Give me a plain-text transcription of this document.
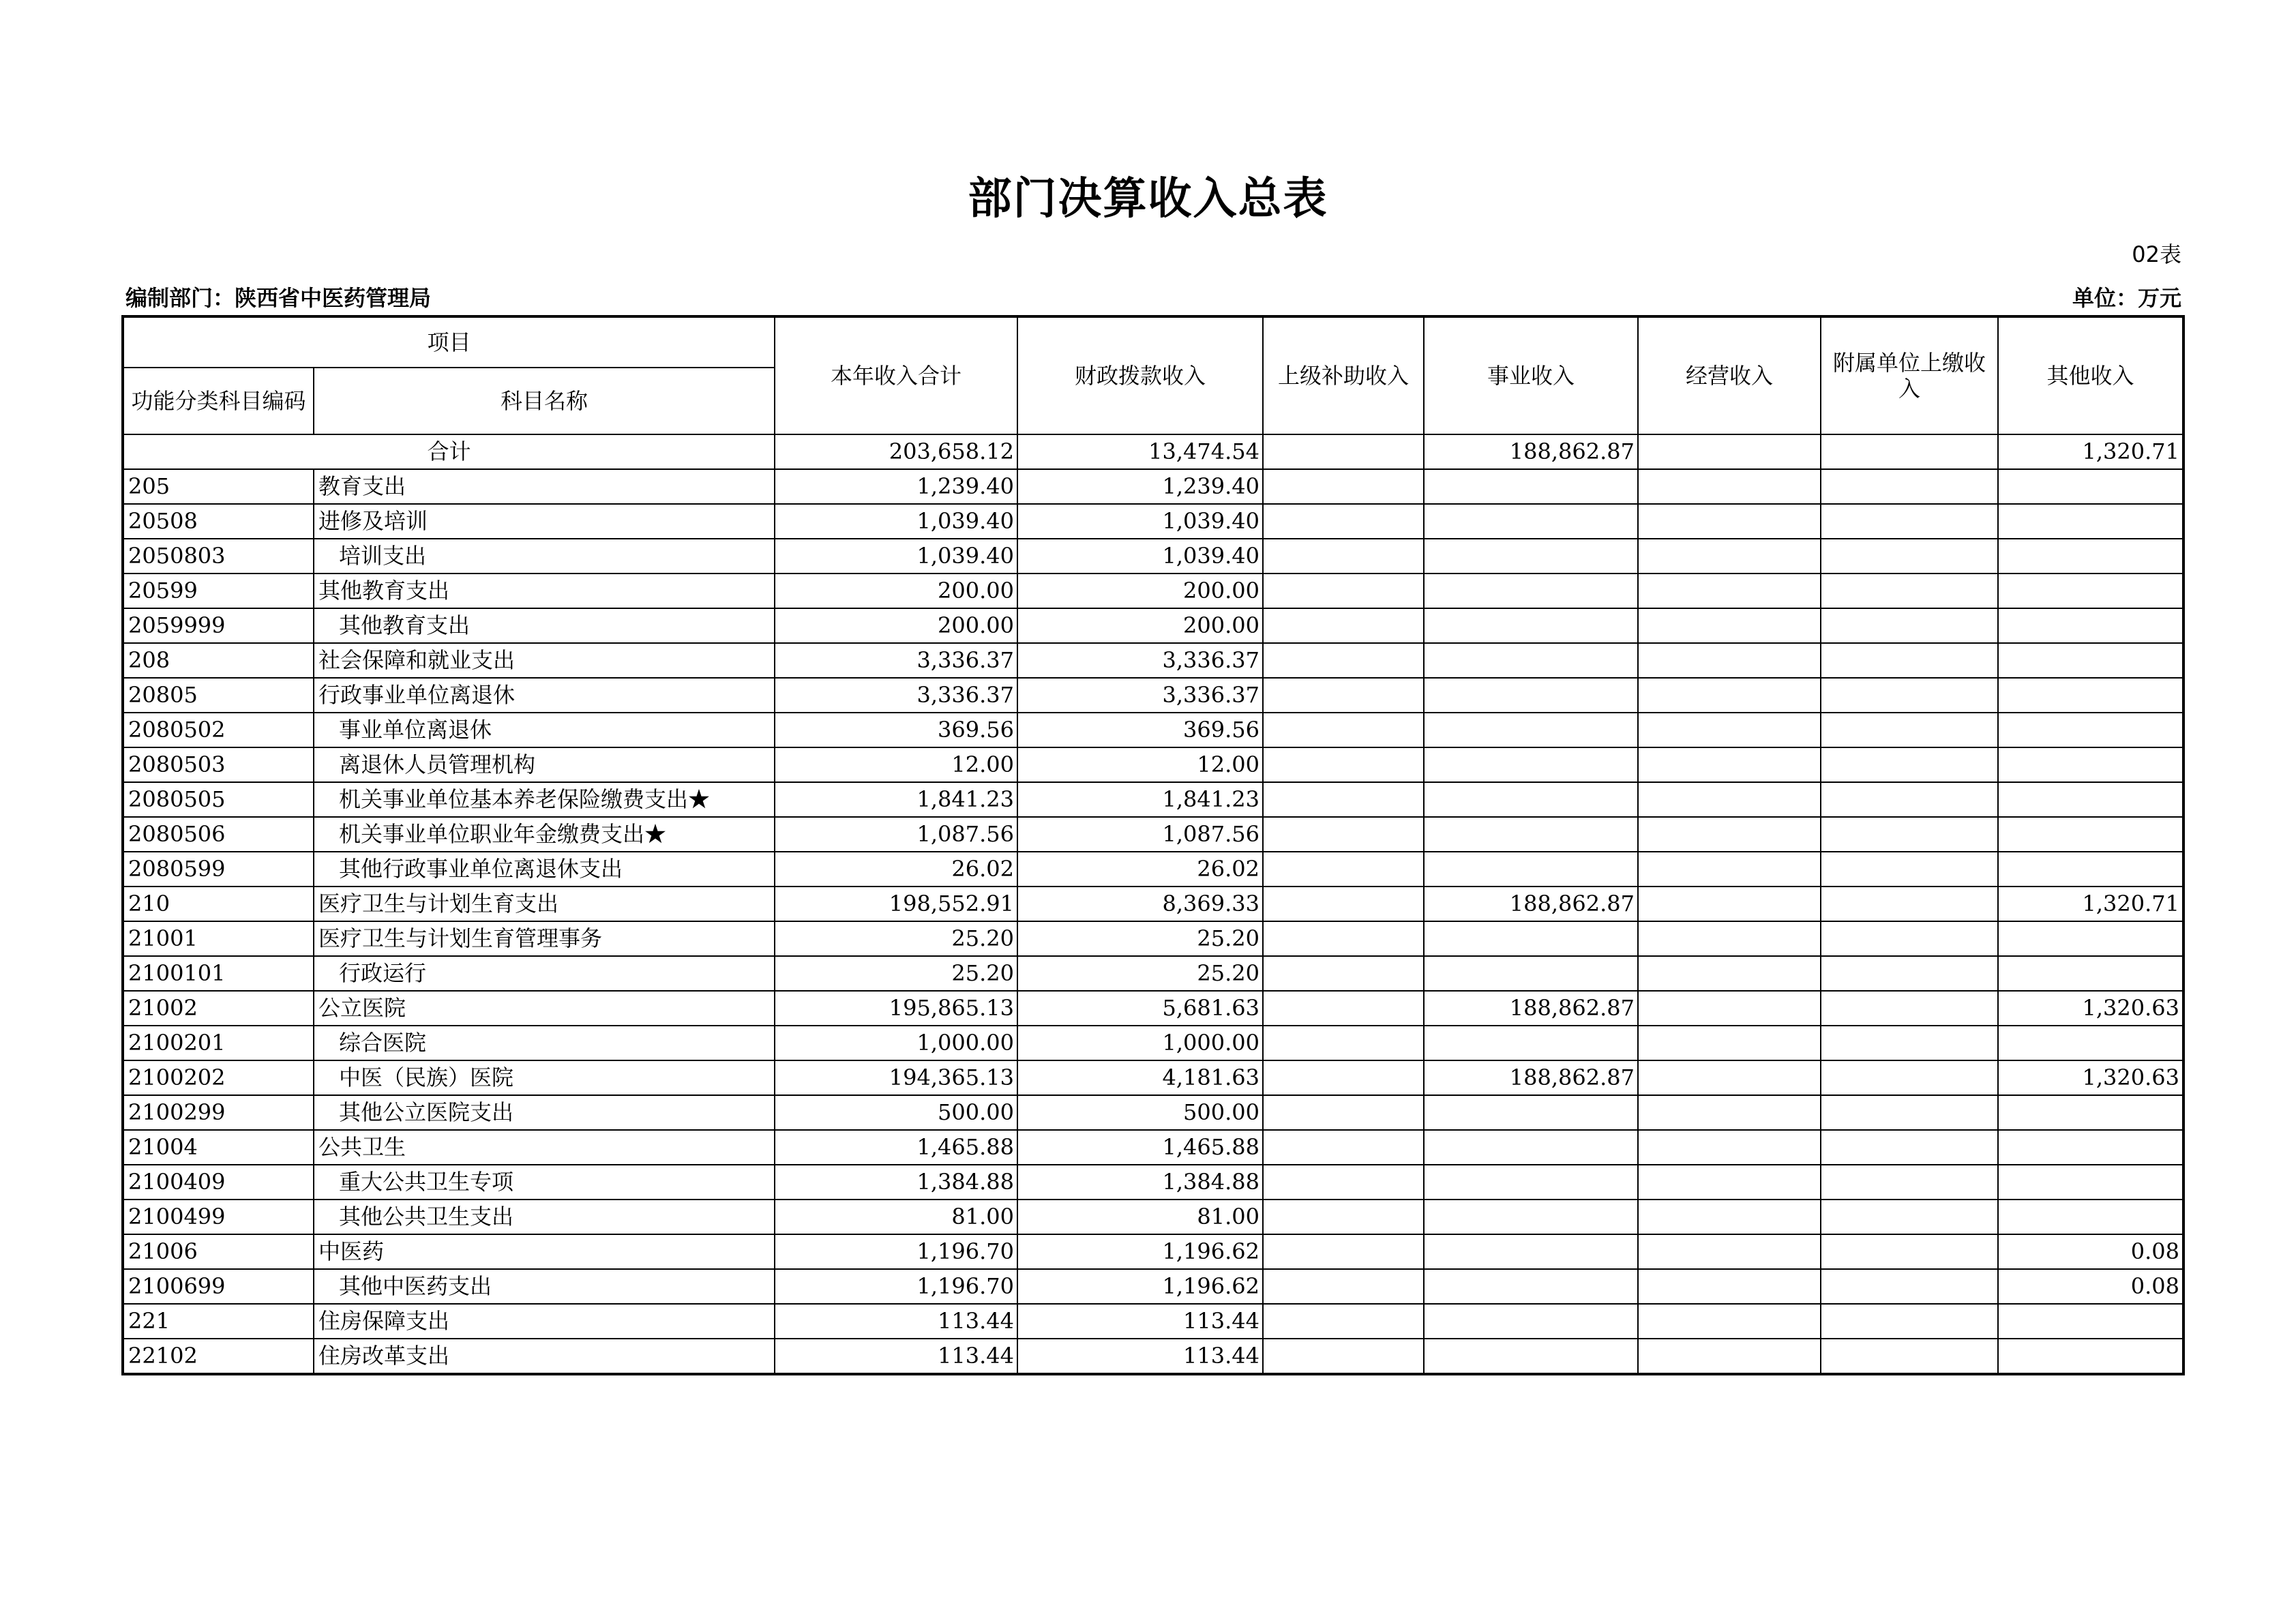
部门决算收入总表
02表
编制部门：陕西省中医药管理局	单位：万元
项目		本年收入合计	财政拨款收入	上级补助收入	事业收入	经营收入	附属单位上缴收入	其他收入
功能分类科目编码	科目名称							
合计		203,658.12	13,474.54		188,862.87			1,320.71
205	教育支出	1,239.40	1,239.40					
20508	进修及培训	1,039.40	1,039.40					
2050803	培训支出	1,039.40	1,039.40					
20599	其他教育支出	200.00	200.00					
2059999	其他教育支出	200.00	200.00					
208	社会保障和就业支出	3,336.37	3,336.37					
20805	行政事业单位离退休	3,336.37	3,336.37					
2080502	事业单位离退休	369.56	369.56					
2080503	离退休人员管理机构	12.00	12.00					
2080505	机关事业单位基本养老保险缴费支出★	1,841.23	1,841.23					
2080506	机关事业单位职业年金缴费支出★	1,087.56	1,087.56					
2080599	其他行政事业单位离退休支出	26.02	26.02					
210	医疗卫生与计划生育支出	198,552.91	8,369.33		188,862.87			1,320.71
21001	医疗卫生与计划生育管理事务	25.20	25.20					
2100101	行政运行	25.20	25.20					
21002	公立医院	195,865.13	5,681.63		188,862.87			1,320.63
2100201	综合医院	1,000.00	1,000.00					
2100202	中医（民族）医院	194,365.13	4,181.63		188,862.87			1,320.63
2100299	其他公立医院支出	500.00	500.00					
21004	公共卫生	1,465.88	1,465.88					
2100409	重大公共卫生专项	1,384.88	1,384.88					
2100499	其他公共卫生支出	81.00	81.00					
21006	中医药	1,196.70	1,196.62					0.08
2100699	其他中医药支出	1,196.70	1,196.62					0.08
221	住房保障支出	113.44	113.44					
22102	住房改革支出	113.44	113.44					
